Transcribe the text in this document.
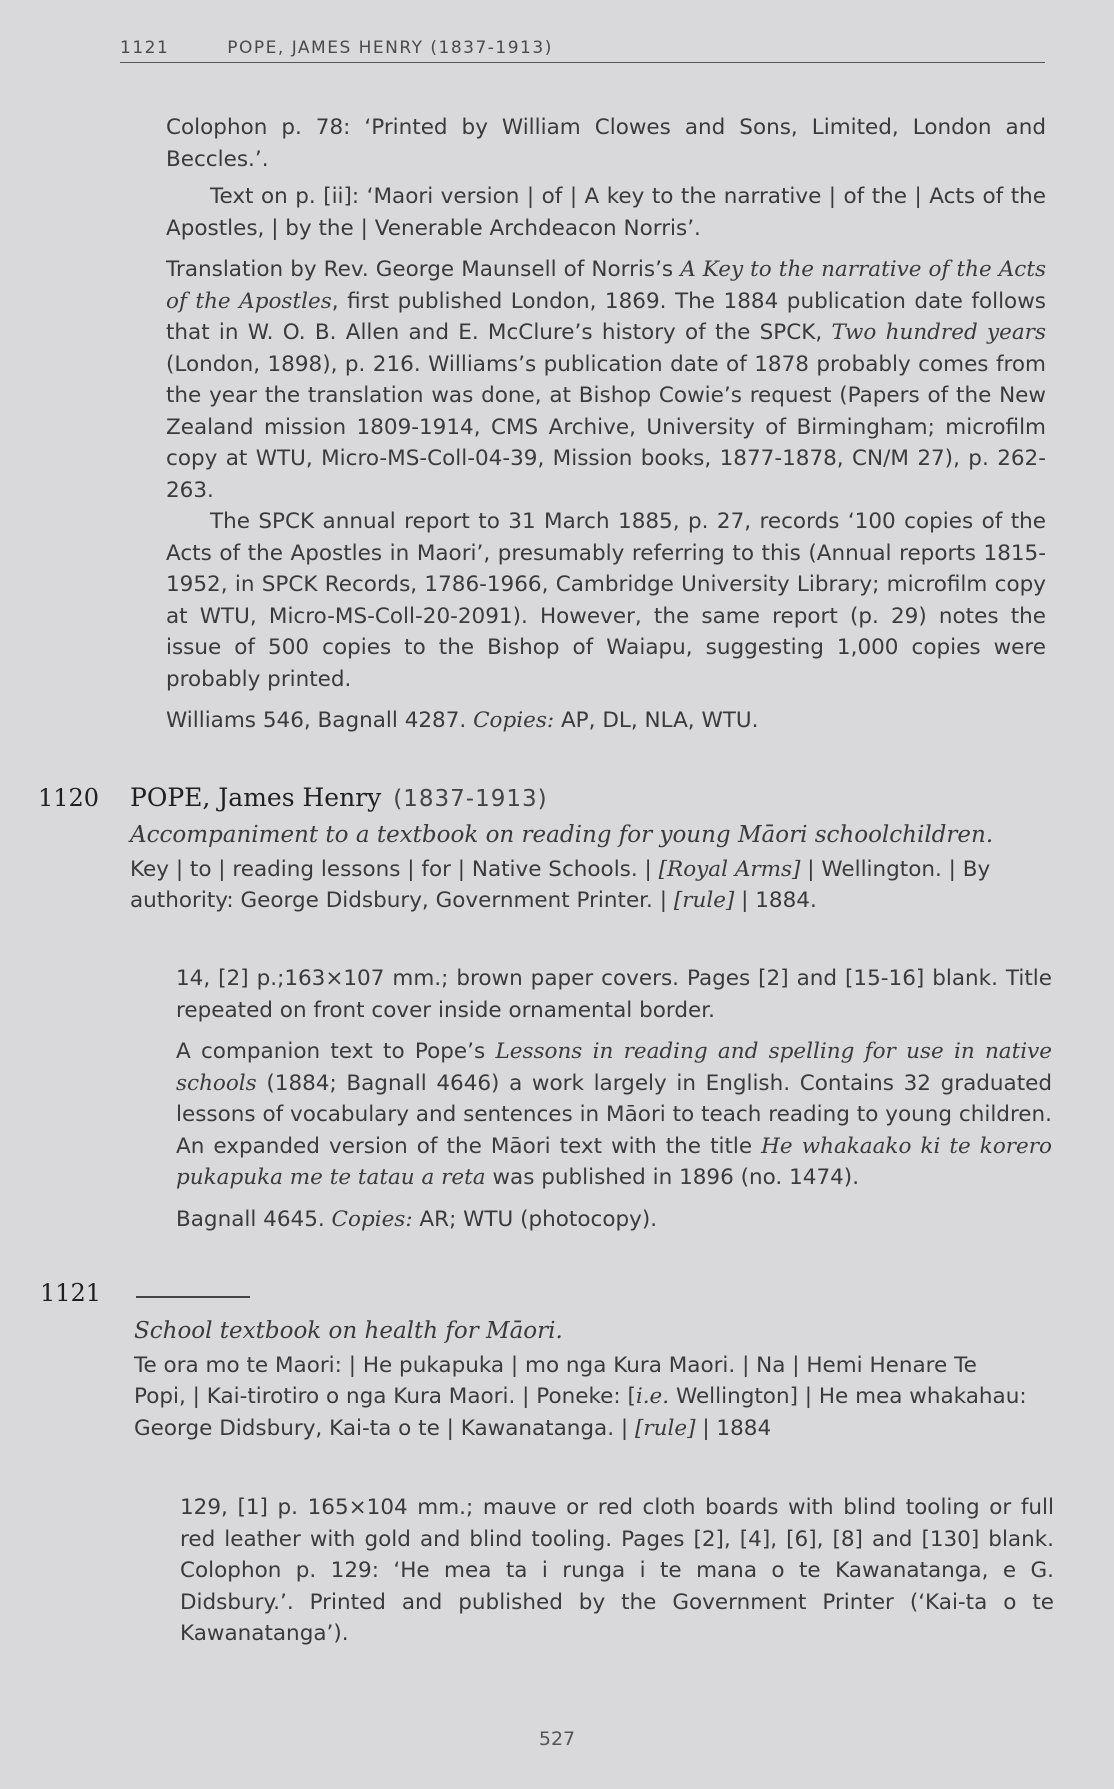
1121	POPE, JAMES HENRY (1837-1913)

Colophon p. 78: ‘Printed by William Clowes and Sons, Limited, London and Beccles.’.

Text on p. [ii]: ‘Maori version | of | A key to the narrative | of the | Acts of the Apostles, | by the | Venerable Archdeacon Norris’.

Translation by Rev. George Maunsell of Norris’s A Key to the narrative of the Acts of the Apostles, first published London, 1869. The 1884 publication date follows that in W. O. B. Allen and E. McClure’s history of the SPCK, Two hundred years (London, 1898), p. 216. Williams’s publication date of 1878 probably comes from the year the translation was done, at Bishop Cowie’s request (Papers of the New Zealand mission 1809-1914, CMS Archive, University of Birmingham; microfilm copy at WTU, Micro-MS-Coll-04-39, Mission books, 1877-1878, CN/M 27), p. 262-263.

The SPCK annual report to 31 March 1885, p. 27, records ‘100 copies of the Acts of the Apostles in Maori’, presumably referring to this (Annual reports 1815-1952, in SPCK Records, 1786-1966, Cambridge University Library; microfilm copy at WTU, Micro-MS-Coll-20-2091). However, the same report (p. 29) notes the issue of 500 copies to the Bishop of Waiapu, suggesting 1,000 copies were probably printed.

Williams 546, Bagnall 4287. Copies: AP, DL, NLA, WTU.

1120 POPE, James Henry (1837-1913)

Accompaniment to a textbook on reading for young Māori schoolchildren.

Key | to | reading lessons | for | Native Schools. | [Royal Arms] | Wellington. | By authority: George Didsbury, Government Printer. | [rule] | 1884.

14, [2] p.;163×107 mm.; brown paper covers. Pages [2] and [15-16] blank. Title repeated on front cover inside ornamental border.

A companion text to Pope’s Lessons in reading and spelling for use in native schools (1884; Bagnall 4646) a work largely in English. Contains 32 graduated lessons of vocabulary and sentences in Māori to teach reading to young children. An expanded version of the Māori text with the title He whakaako ki te korero pukapuka me te tatau a reta was published in 1896 (no. 1474).

Bagnall 4645. Copies: AR; WTU (photocopy).

1121

School textbook on health for Māori.

Te ora mo te Maori: | He pukapuka | mo nga Kura Maori. | Na | Hemi Henare Te Popi, | Kai-tirotiro o nga Kura Maori. | Poneke: [i.e. Wellington] | He mea whakahau: George Didsbury, Kai-ta o te | Kawanatanga. | [rule] | 1884

129, [1] p. 165×104 mm.; mauve or red cloth boards with blind tooling or full red leather with gold and blind tooling. Pages [2], [4], [6], [8] and [130] blank. Colophon p. 129: ‘He mea ta i runga i te mana o te Kawanatanga, e G. Didsbury.’. Printed and published by the Government Printer (‘Kai-ta o te Kawanatanga’).

527
